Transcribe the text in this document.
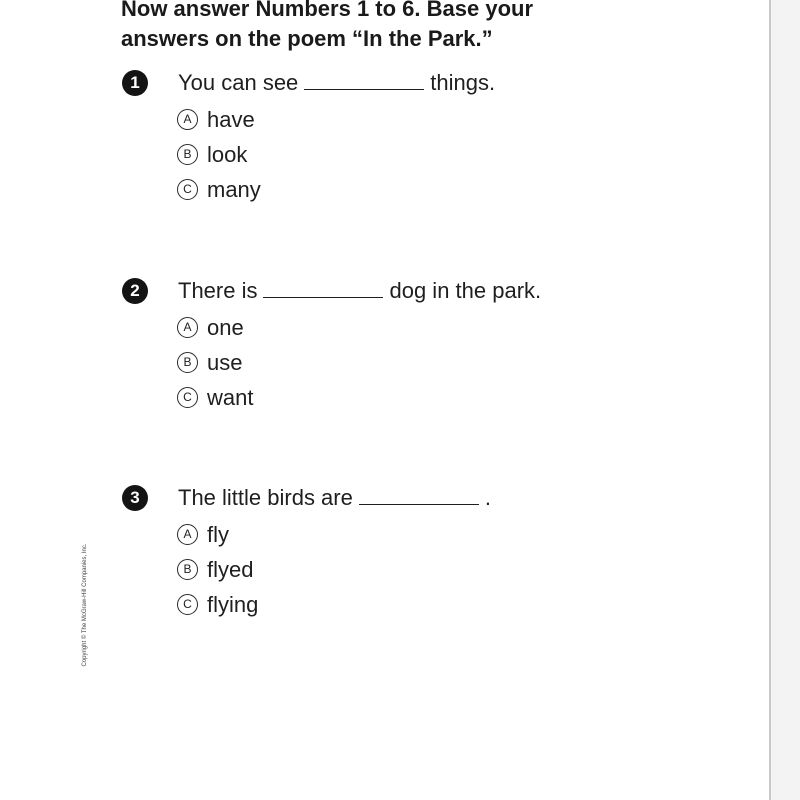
Now answer Numbers 1 to 6. Base your
answers on the poem “In the Park.”
1	You can see	things.
A have
B look
C many
2	There is	dog in the park.
A one
B use
C want
3	The little birds are	.
A fly
B flyed
C flying
Copyright © The McGraw-Hill Companies, Inc.
